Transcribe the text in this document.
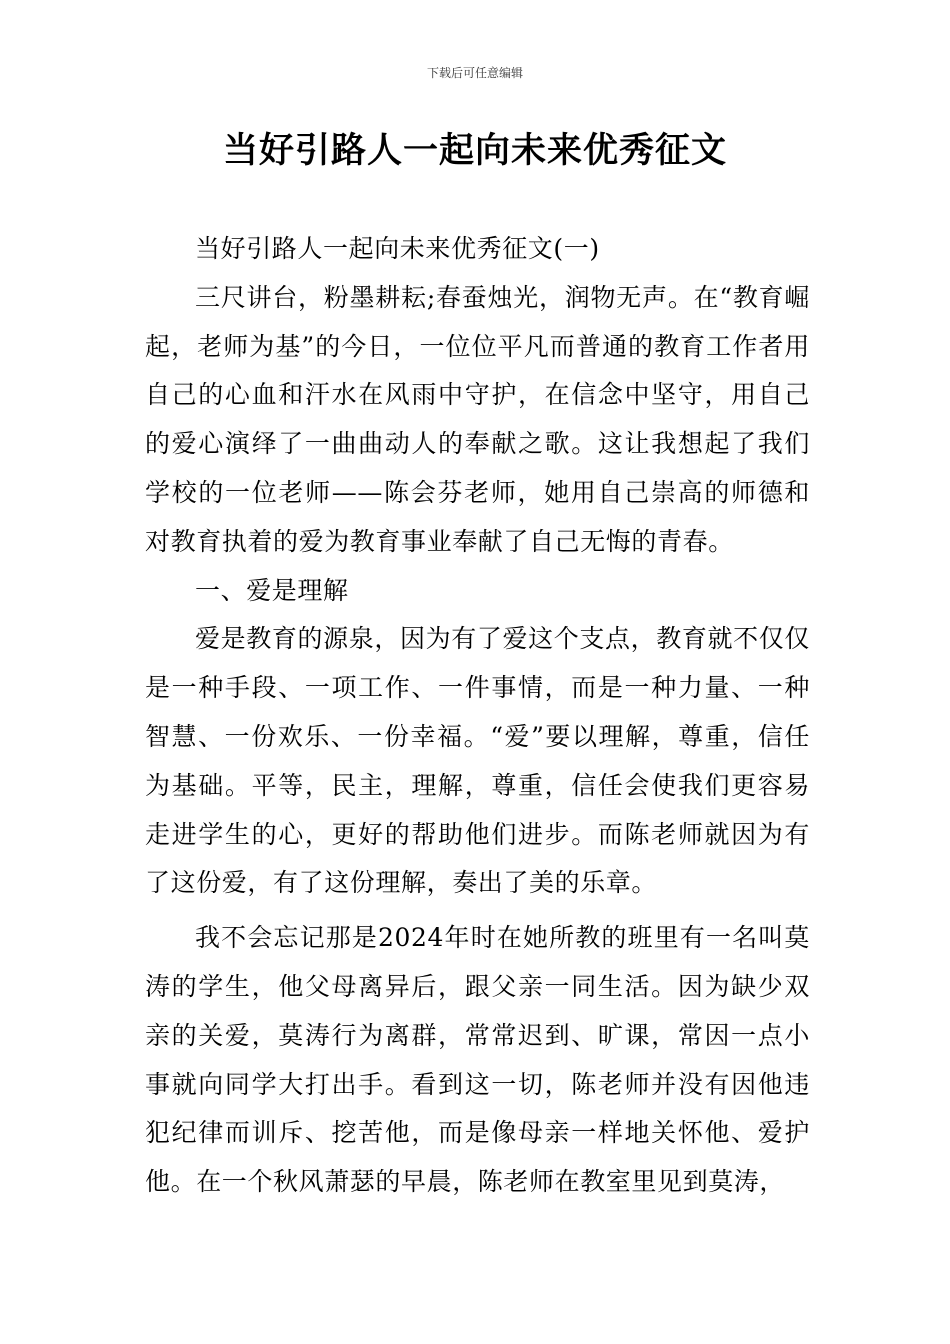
下载后可任意编辑
当好引路人一起向未来优秀征文

当好引路人一起向未来优秀征文(一)

三尺讲台，粉墨耕耘;春蚕烛光，润物无声。在“教育崛起，老师为基”的今日，一位位平凡而普通的教育工作者用自己的心血和汗水在风雨中守护，在信念中坚守，用自己的爱心演绎了一曲曲动人的奉献之歌。这让我想起了我们学校的一位老师——陈会芬老师，她用自己崇高的师德和对教育执着的爱为教育事业奉献了自己无悔的青春。

一、爱是理解

爱是教育的源泉，因为有了爱这个支点，教育就不仅仅是一种手段、一项工作、一件事情，而是一种力量、一种智慧、一份欢乐、一份幸福。“爱”要以理解，尊重，信任为基础。平等，民主，理解，尊重，信任会使我们更容易走进学生的心，更好的帮助他们进步。而陈老师就因为有了这份爱，有了这份理解，奏出了美的乐章。

我不会忘记那是2024年时在她所教的班里有一名叫莫涛的学生，他父母离异后，跟父亲一同生活。因为缺少双亲的关爱，莫涛行为离群，常常迟到、旷课，常因一点小事就向同学大打出手。看到这一切，陈老师并没有因他违犯纪律而训斥、挖苦他，而是像母亲一样地关怀他、爱护他。在一个秋风萧瑟的早晨，陈老师在教室里见到莫涛，
